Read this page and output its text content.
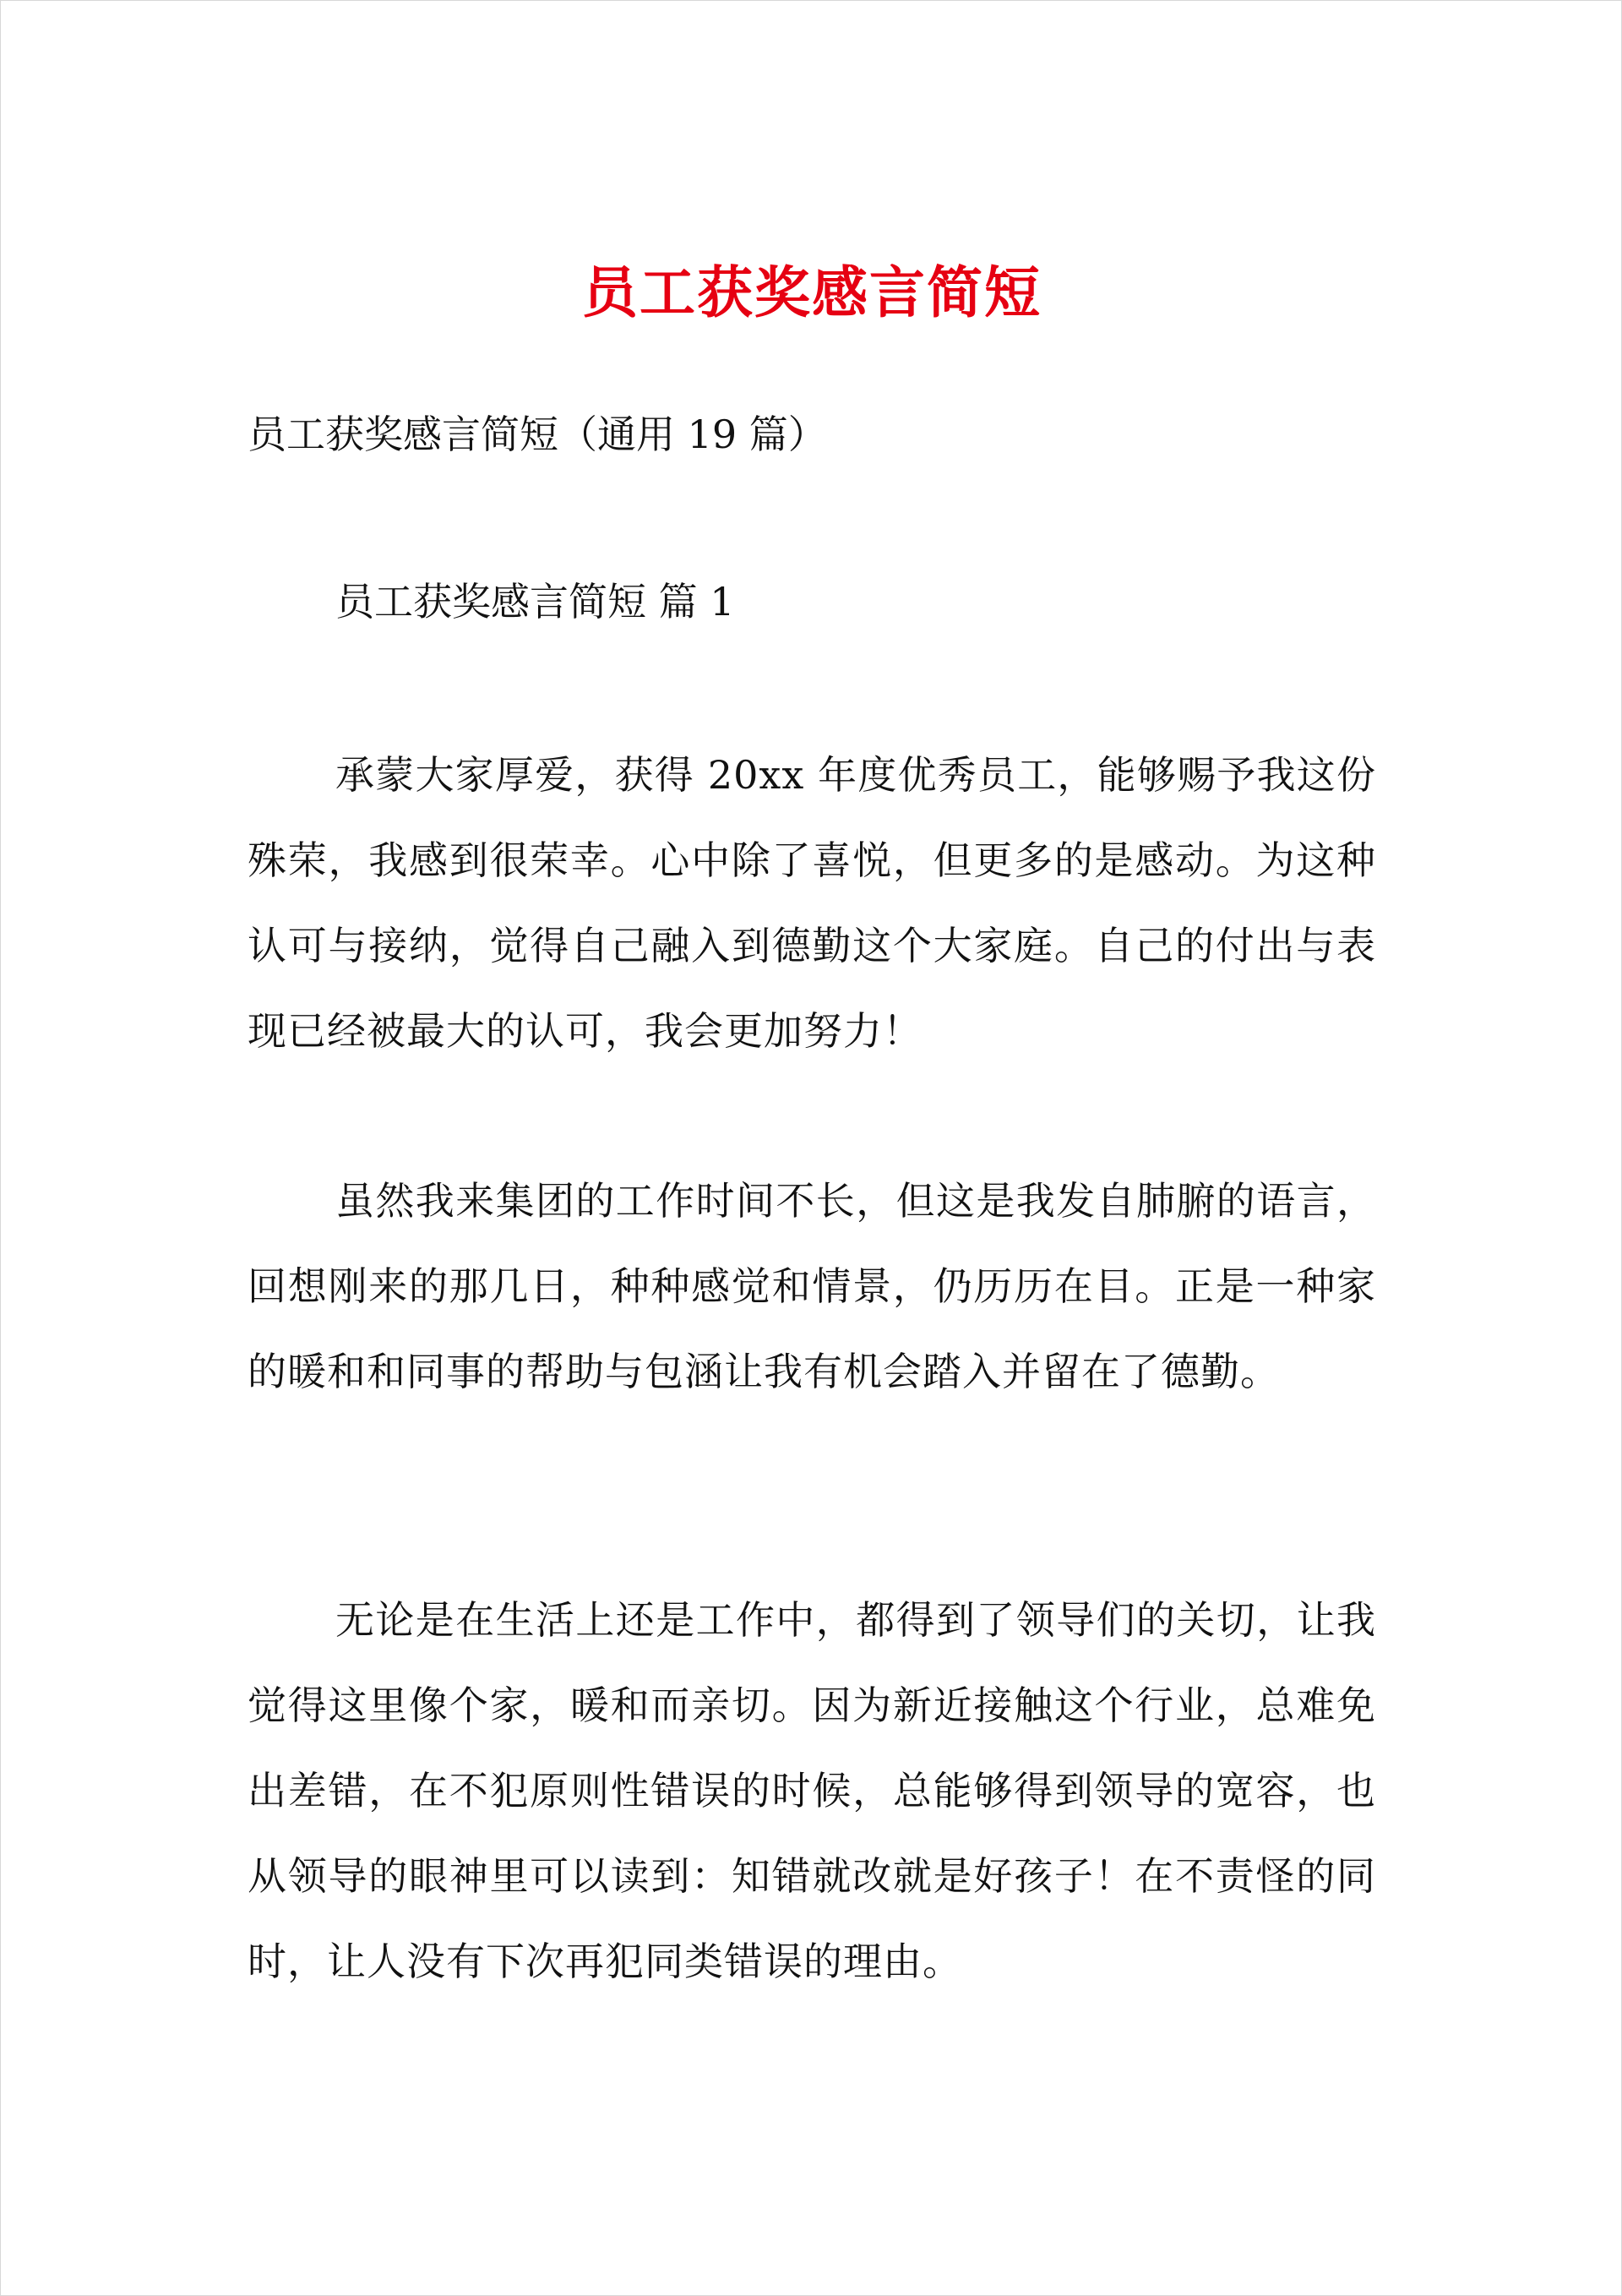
员工获奖感言简短

员工获奖感言简短（通用 19 篇）

员工获奖感言简短 篇 1

承蒙大家厚爱，获得 20xx 年度优秀员工，能够赐予我这份殊荣，我感到很荣幸。心中除了喜悦，但更多的是感动。为这种认可与接纳，觉得自己融入到德勤这个大家庭。自己的付出与表现已经被最大的认可，我会更加努力！

虽然我来集团的工作时间不长，但这是我发自肺腑的语言，回想刚来的那几日，种种感觉和情景，仍历历在目。正是一种家的暖和和同事的帮助与包涵让我有机会踏入并留在了德勤。

无论是在生活上还是工作中，都得到了领导们的关切，让我觉得这里像个家，暖和而亲切。因为新近接触这个行业，总难免出差错，在不犯原则性错误的时候，总能够得到领导的宽容，也从领导的眼神里可以读到：知错就改就是好孩子！在不责怪的同时，让人没有下次再犯同类错误的理由。
